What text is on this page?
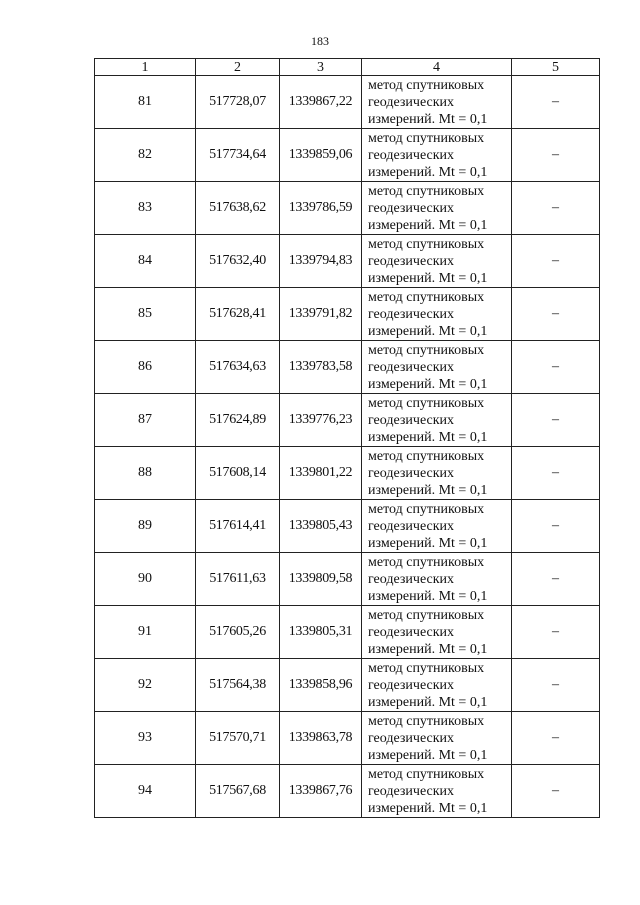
183
1	2	3	4	5
81	517728,07	1339867,22	метод спутниковых
геодезических
измерений. Mt = 0,1	–
82	517734,64	1339859,06	метод спутниковых
геодезических
измерений. Mt = 0,1	–
83	517638,62	1339786,59	метод спутниковых
геодезических
измерений. Mt = 0,1	–
84	517632,40	1339794,83	метод спутниковых
геодезических
измерений. Mt = 0,1	–
85	517628,41	1339791,82	метод спутниковых
геодезических
измерений. Mt = 0,1	–
86	517634,63	1339783,58	метод спутниковых
геодезических
измерений. Mt = 0,1	–
87	517624,89	1339776,23	метод спутниковых
геодезических
измерений. Mt = 0,1	–
88	517608,14	1339801,22	метод спутниковых
геодезических
измерений. Mt = 0,1	–
89	517614,41	1339805,43	метод спутниковых
геодезических
измерений. Mt = 0,1	–
90	517611,63	1339809,58	метод спутниковых
геодезических
измерений. Mt = 0,1	–
91	517605,26	1339805,31	метод спутниковых
геодезических
измерений. Mt = 0,1	–
92	517564,38	1339858,96	метод спутниковых
геодезических
измерений. Mt = 0,1	–
93	517570,71	1339863,78	метод спутниковых
геодезических
измерений. Mt = 0,1	–
94	517567,68	1339867,76	метод спутниковых
геодезических
измерений. Mt = 0,1	–
